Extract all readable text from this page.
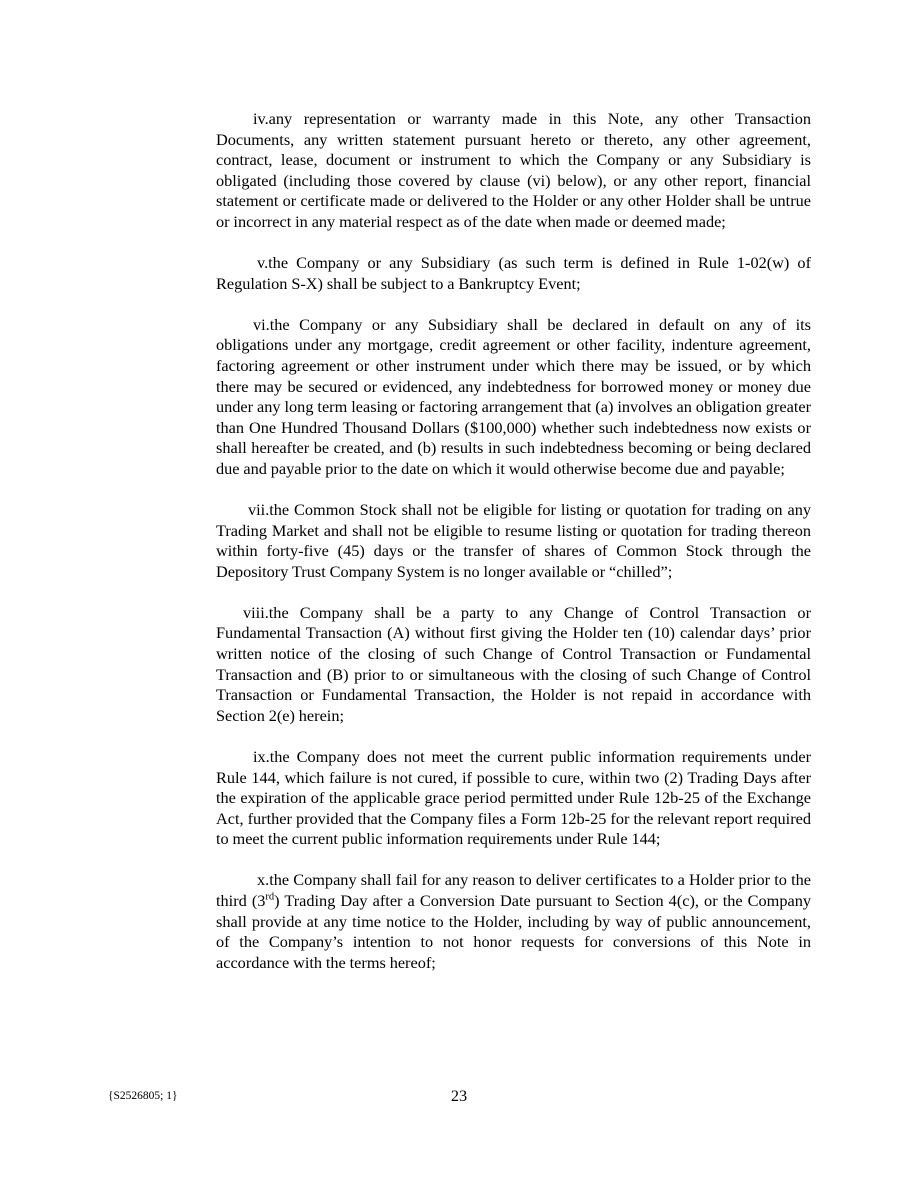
iv.any representation or warranty made in this Note, any other Transaction Documents, any written statement pursuant hereto or thereto, any other agreement, contract, lease, document or instrument to which the Company or any Subsidiary is obligated (including those covered by clause (vi) below), or any other report, financial statement or certificate made or delivered to the Holder or any other Holder shall be untrue or incorrect in any material respect as of the date when made or deemed made;

v.the Company or any Subsidiary (as such term is defined in Rule 1-02(w) of Regulation S-X) shall be subject to a Bankruptcy Event;

vi.the Company or any Subsidiary shall be declared in default on any of its obligations under any mortgage, credit agreement or other facility, indenture agreement, factoring agreement or other instrument under which there may be issued, or by which there may be secured or evidenced, any indebtedness for borrowed money or money due under any long term leasing or factoring arrangement that (a) involves an obligation greater than One Hundred Thousand Dollars ($100,000) whether such indebtedness now exists or shall hereafter be created, and (b) results in such indebtedness becoming or being declared due and payable prior to the date on which it would otherwise become due and payable;

vii.the Common Stock shall not be eligible for listing or quotation for trading on any Trading Market and shall not be eligible to resume listing or quotation for trading thereon within forty-five (45) days or the transfer of shares of Common Stock through the Depository Trust Company System is no longer available or “chilled”;

viii.the Company shall be a party to any Change of Control Transaction or Fundamental Transaction (A) without first giving the Holder ten (10) calendar days’ prior written notice of the closing of such Change of Control Transaction or Fundamental Transaction and (B) prior to or simultaneous with the closing of such Change of Control Transaction or Fundamental Transaction, the Holder is not repaid in accordance with Section 2(e) herein;

ix.the Company does not meet the current public information requirements under Rule 144, which failure is not cured, if possible to cure, within two (2) Trading Days after the expiration of the applicable grace period permitted under Rule 12b-25 of the Exchange Act, further provided that the Company files a Form 12b-25 for the relevant report required to meet the current public information requirements under Rule 144;

x.the Company shall fail for any reason to deliver certificates to a Holder prior to the third (3rd) Trading Day after a Conversion Date pursuant to Section 4(c), or the Company shall provide at any time notice to the Holder, including by way of public announcement, of the Company’s intention to not honor requests for conversions of this Note in accordance with the terms hereof;

{S2526805; 1}	23
